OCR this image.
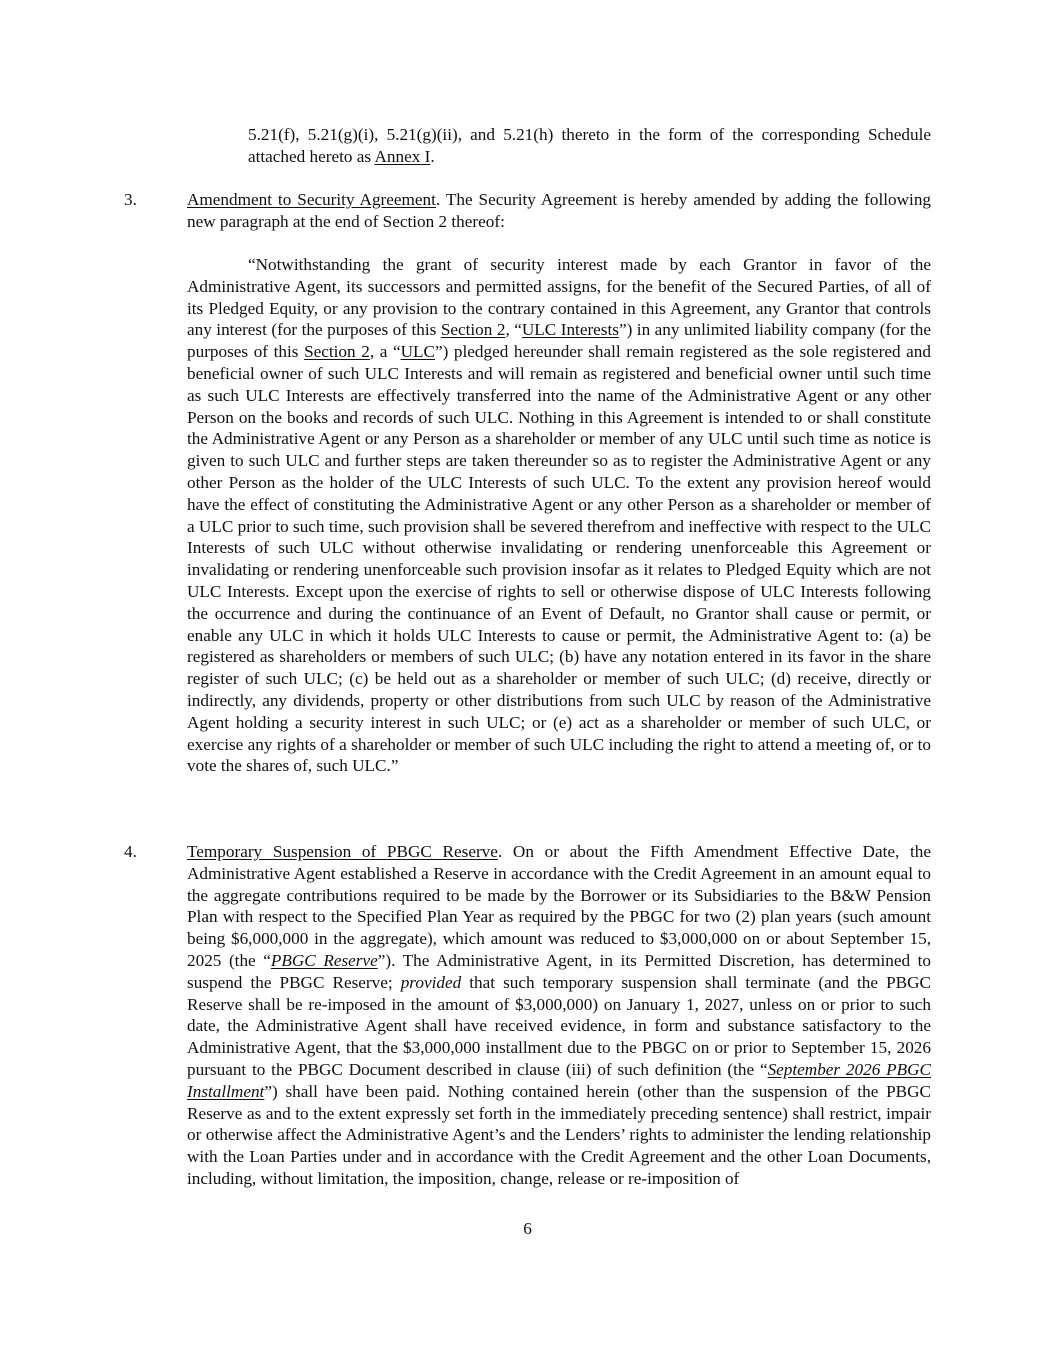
5.21(f), 5.21(g)(i), 5.21(g)(ii), and 5.21(h) thereto in the form of the corresponding Schedule attached hereto as Annex I.
3.	Amendment to Security Agreement. The Security Agreement is hereby amended by adding the following new paragraph at the end of Section 2 thereof:
“Notwithstanding the grant of security interest made by each Grantor in favor of the Administrative Agent, its successors and permitted assigns, for the benefit of the Secured Parties, of all of its Pledged Equity, or any provision to the contrary contained in this Agreement, any Grantor that controls any interest (for the purposes of this Section 2, “ULC Interests”) in any unlimited liability company (for the purposes of this Section 2, a “ULC”) pledged hereunder shall remain registered as the sole registered and beneficial owner of such ULC Interests and will remain as registered and beneficial owner until such time as such ULC Interests are effectively transferred into the name of the Administrative Agent or any other Person on the books and records of such ULC. Nothing in this Agreement is intended to or shall constitute the Administrative Agent or any Person as a shareholder or member of any ULC until such time as notice is given to such ULC and further steps are taken thereunder so as to register the Administrative Agent or any other Person as the holder of the ULC Interests of such ULC. To the extent any provision hereof would have the effect of constituting the Administrative Agent or any other Person as a shareholder or member of a ULC prior to such time, such provision shall be severed therefrom and ineffective with respect to the ULC Interests of such ULC without otherwise invalidating or rendering unenforceable this Agreement or invalidating or rendering unenforceable such provision insofar as it relates to Pledged Equity which are not ULC Interests. Except upon the exercise of rights to sell or otherwise dispose of ULC Interests following the occurrence and during the continuance of an Event of Default, no Grantor shall cause or permit, or enable any ULC in which it holds ULC Interests to cause or permit, the Administrative Agent to: (a) be registered as shareholders or members of such ULC; (b) have any notation entered in its favor in the share register of such ULC; (c) be held out as a shareholder or member of such ULC; (d) receive, directly or indirectly, any dividends, property or other distributions from such ULC by reason of the Administrative Agent holding a security interest in such ULC; or (e) act as a shareholder or member of such ULC, or exercise any rights of a shareholder or member of such ULC including the right to attend a meeting of, or to vote the shares of, such ULC.”
4.	Temporary Suspension of PBGC Reserve. On or about the Fifth Amendment Effective Date, the Administrative Agent established a Reserve in accordance with the Credit Agreement in an amount equal to the aggregate contributions required to be made by the Borrower or its Subsidiaries to the B&W Pension Plan with respect to the Specified Plan Year as required by the PBGC for two (2) plan years (such amount being $6,000,000 in the aggregate), which amount was reduced to $3,000,000 on or about September 15, 2025 (the “PBGC Reserve”). The Administrative Agent, in its Permitted Discretion, has determined to suspend the PBGC Reserve; provided that such temporary suspension shall terminate (and the PBGC Reserve shall be re-imposed in the amount of $3,000,000) on January 1, 2027, unless on or prior to such date, the Administrative Agent shall have received evidence, in form and substance satisfactory to the Administrative Agent, that the $3,000,000 installment due to the PBGC on or prior to September 15, 2026 pursuant to the PBGC Document described in clause (iii) of such definition (the “September 2026 PBGC Installment”) shall have been paid. Nothing contained herein (other than the suspension of the PBGC Reserve as and to the extent expressly set forth in the immediately preceding sentence) shall restrict, impair or otherwise affect the Administrative Agent’s and the Lenders’ rights to administer the lending relationship with the Loan Parties under and in accordance with the Credit Agreement and the other Loan Documents, including, without limitation, the imposition, change, release or re-imposition of
6
